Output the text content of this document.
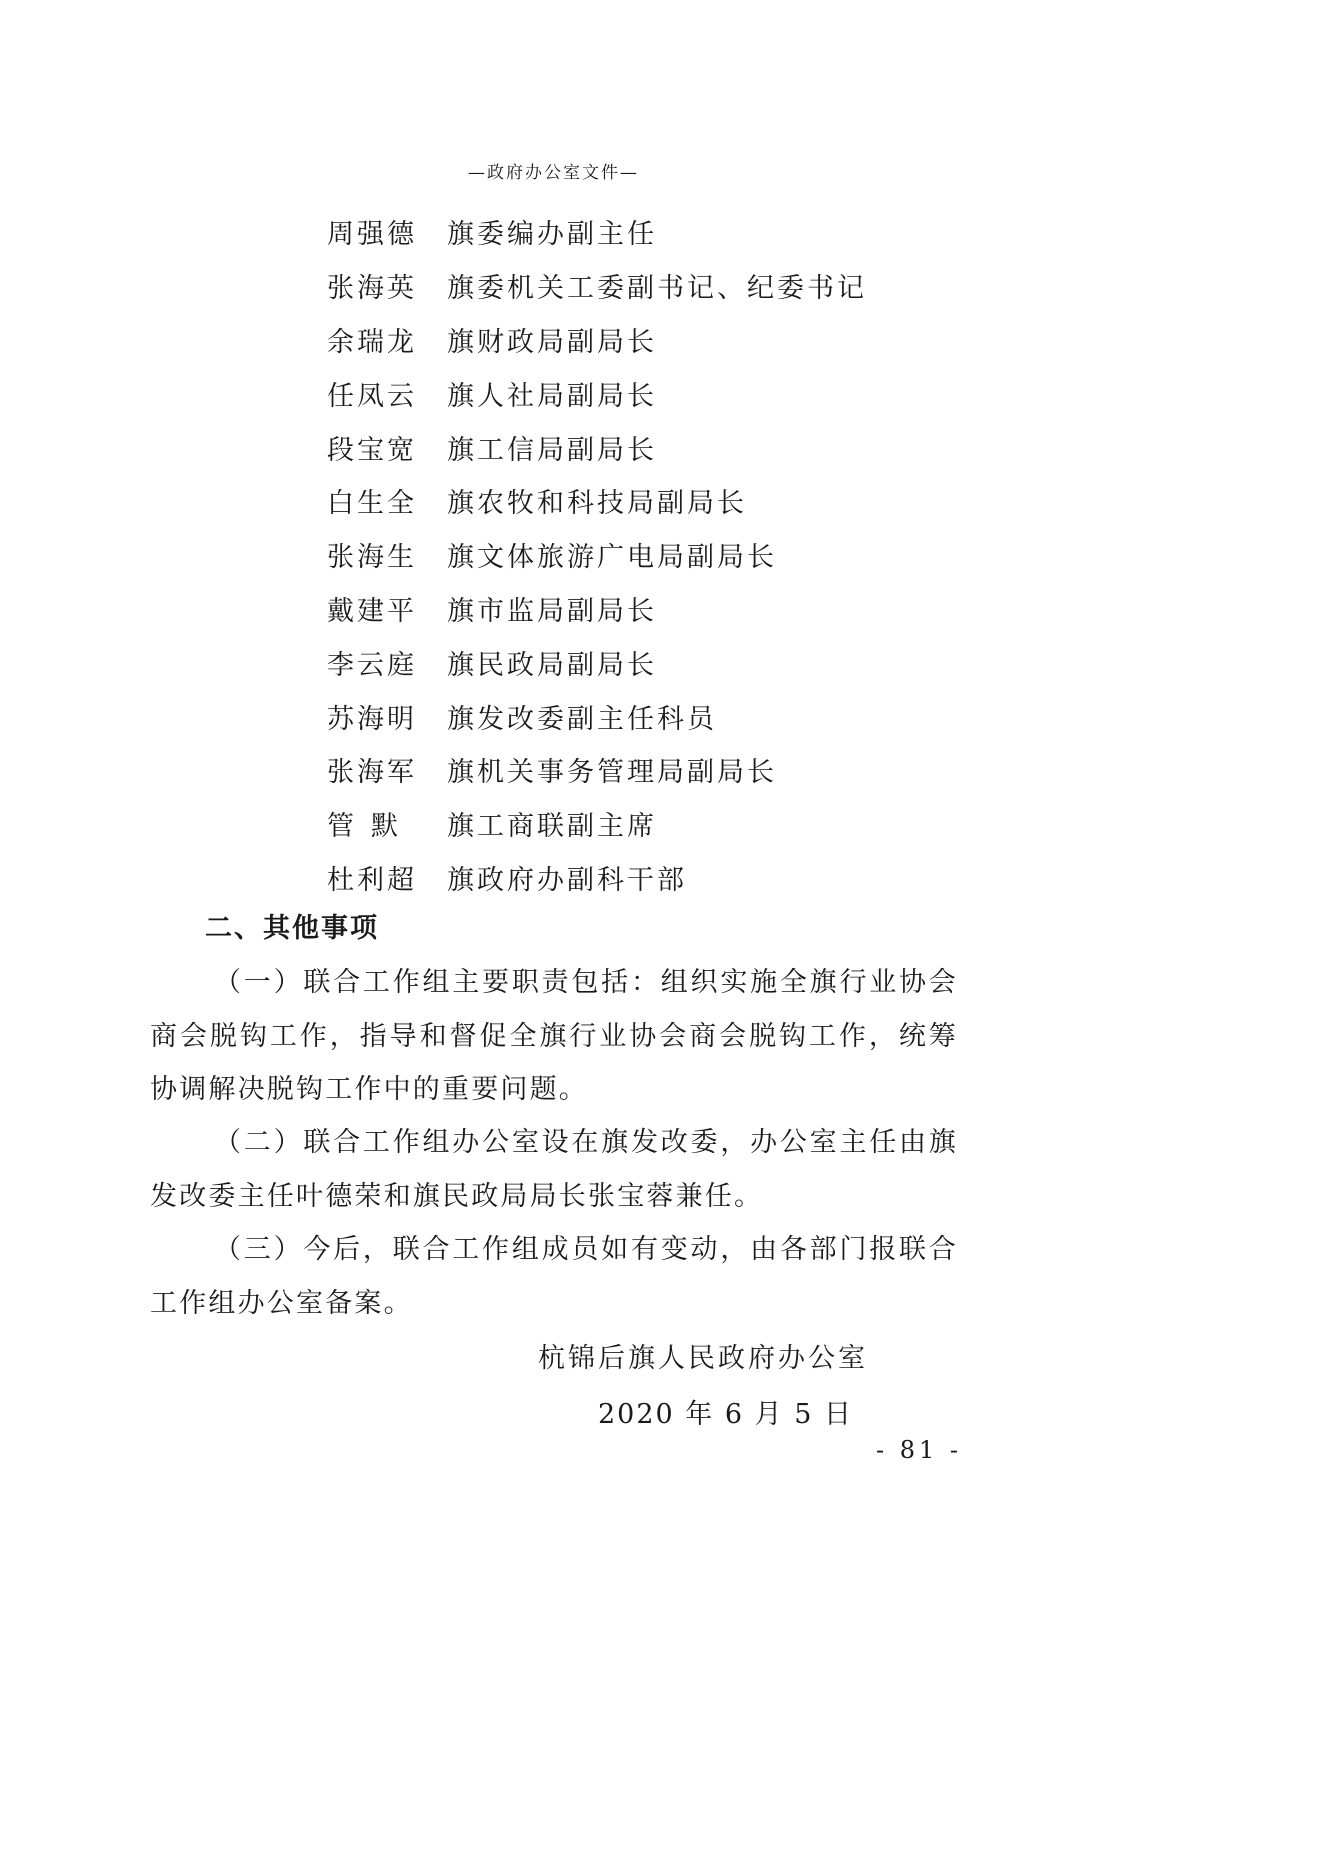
—政府办公室文件—
周强德	旗委编办副主任
张海英	旗委机关工委副书记、纪委书记
余瑞龙	旗财政局副局长
任凤云	旗人社局副局长
段宝宽	旗工信局副局长
白生全	旗农牧和科技局副局长
张海生	旗文体旅游广电局副局长
戴建平	旗市监局副局长
李云庭	旗民政局副局长
苏海明	旗发改委副主任科员
张海军	旗机关事务管理局副局长
管默	旗工商联副主席
杜利超	旗政府办副科干部
二、其他事项

（一）联合工作组主要职责包括：组织实施全旗行业协会商会脱钩工作，指导和督促全旗行业协会商会脱钩工作，统筹协调解决脱钩工作中的重要问题。

（二）联合工作组办公室设在旗发改委，办公室主任由旗发改委主任叶德荣和旗民政局局长张宝蓉兼任。

（三）今后，联合工作组成员如有变动，由各部门报联合工作组办公室备案。

杭锦后旗人民政府办公室
2020 年 6 月 5 日
- 81 -
